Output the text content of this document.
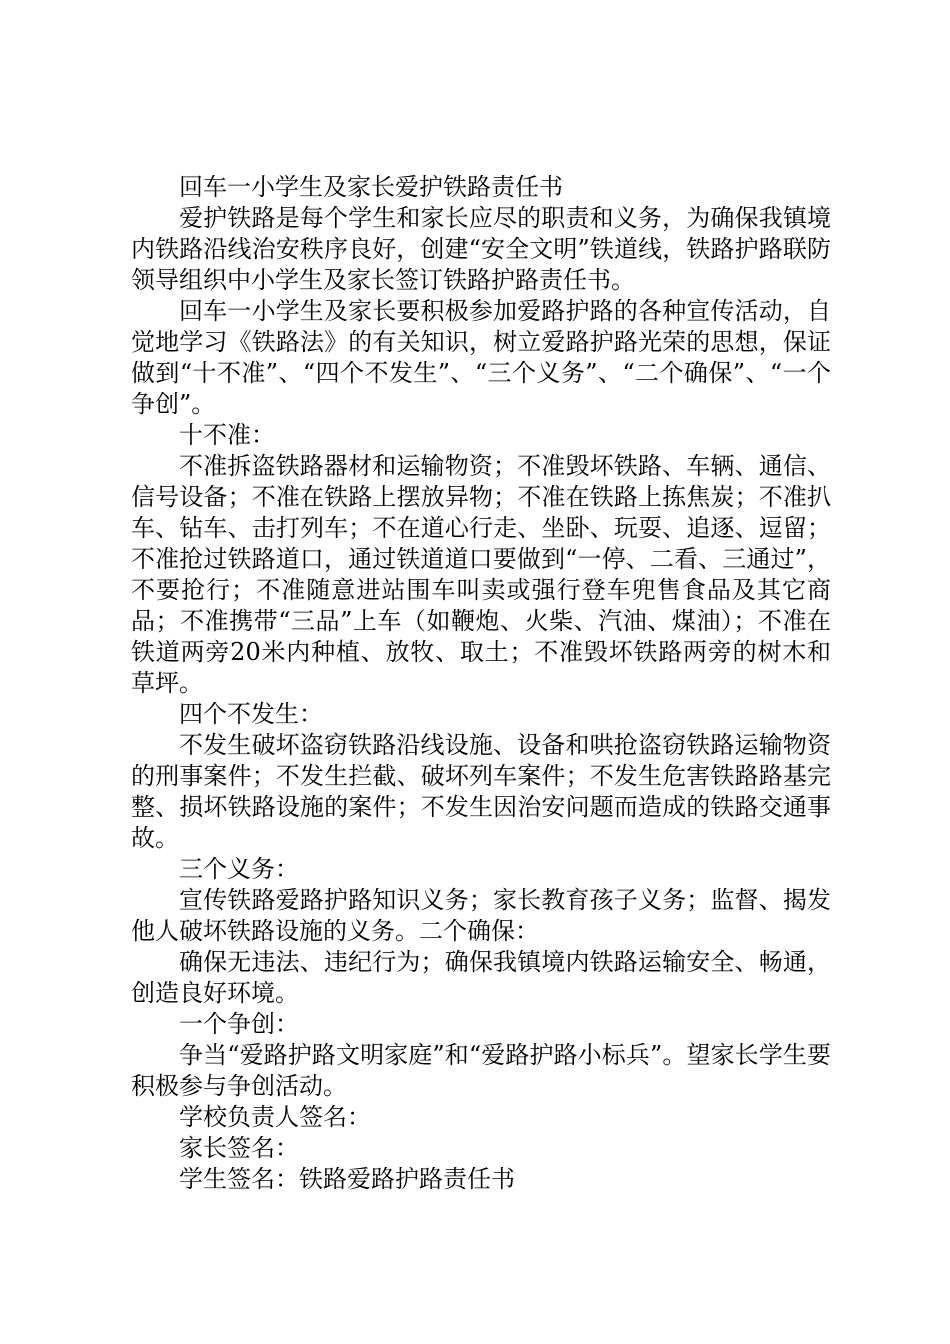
回车一小学生及家长爱护铁路责任书

爱护铁路是每个学生和家长应尽的职责和义务，为确保我镇境内铁路沿线治安秩序良好，创建“安全文明”铁道线，铁路护路联防领导组织中小学生及家长签订铁路护路责任书。

回车一小学生及家长要积极参加爱路护路的各种宣传活动，自觉地学习《铁路法》的有关知识，树立爱路护路光荣的思想，保证做到“十不准”、“四个不发生”、“三个义务”、“二个确保”、“一个争创”。

十不准：

不准拆盗铁路器材和运输物资；不准毁坏铁路、车辆、通信、信号设备；不准在铁路上摆放异物；不准在铁路上拣焦炭；不准扒车、钻车、击打列车；不在道心行走、坐卧、玩耍、追逐、逗留；不准抢过铁路道口，通过铁道道口要做到“一停、二看、三通过”，不要抢行；不准随意进站围车叫卖或强行登车兜售食品及其它商品；不准携带“三品”上车（如鞭炮、火柴、汽油、煤油）；不准在铁道两旁20米内种植、放牧、取土；不准毁坏铁路两旁的树木和草坪。

四个不发生：

不发生破坏盗窃铁路沿线设施、设备和哄抢盗窃铁路运输物资的刑事案件；不发生拦截、破坏列车案件；不发生危害铁路路基完整、损坏铁路设施的案件；不发生因治安问题而造成的铁路交通事故。

三个义务：

宣传铁路爱路护路知识义务；家长教育孩子义务；监督、揭发他人破坏铁路设施的义务。二个确保：

确保无违法、违纪行为；确保我镇境内铁路运输安全、畅通，创造良好环境。

一个争创：

争当“爱路护路文明家庭”和“爱路护路小标兵”。望家长学生要积极参与争创活动。

学校负责人签名：

家长签名：

学生签名：铁路爱路护路责任书
